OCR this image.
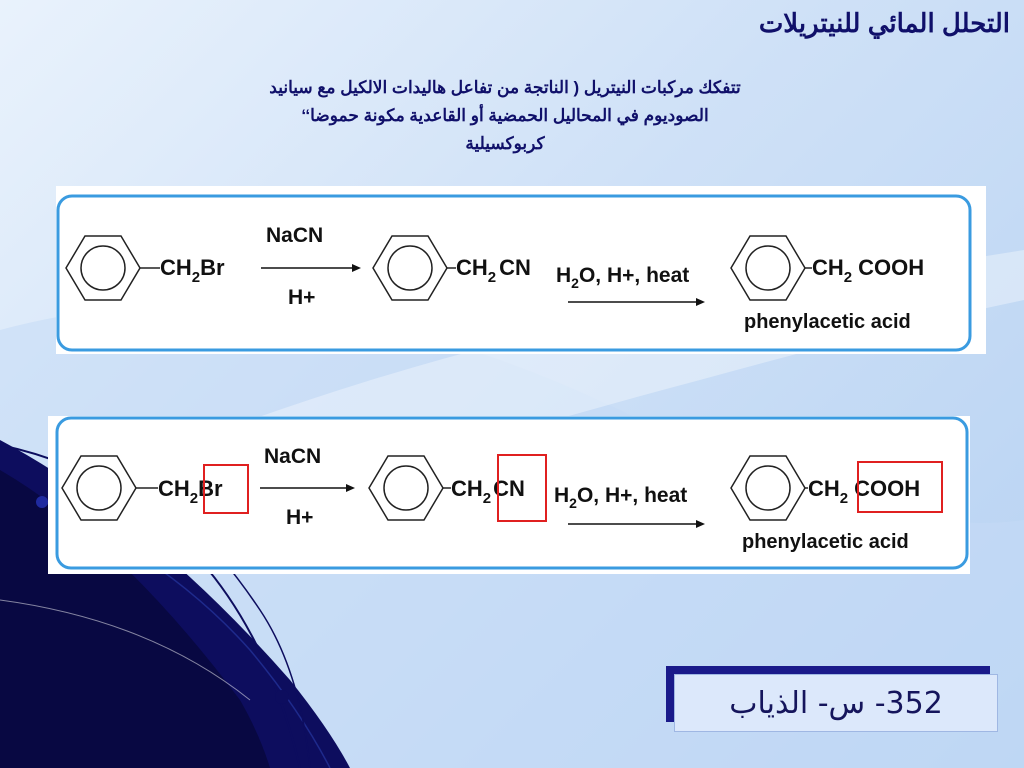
التحلل المائي للنيتريلات
تتفكك مركبات النيتريل ( الناتجة من تفاعل هاليدات الالكيل مع سيانيد
الصوديوم في المحاليل الحمضية أو القاعدية مكونة حموضا‘‘
كربوكسيلية
$CH_2Br$
NaCN
H+
$CH_2$ CN $H_2O$, H+, heat	$CH_2$ COOH
phenylacetic acid
$CH_2Br$
NaCN
H+
$CH_2CN$ $H_2O$, H+, heat	$CH_2$ COOH
phenylacetic acid
352- س- الذياب
